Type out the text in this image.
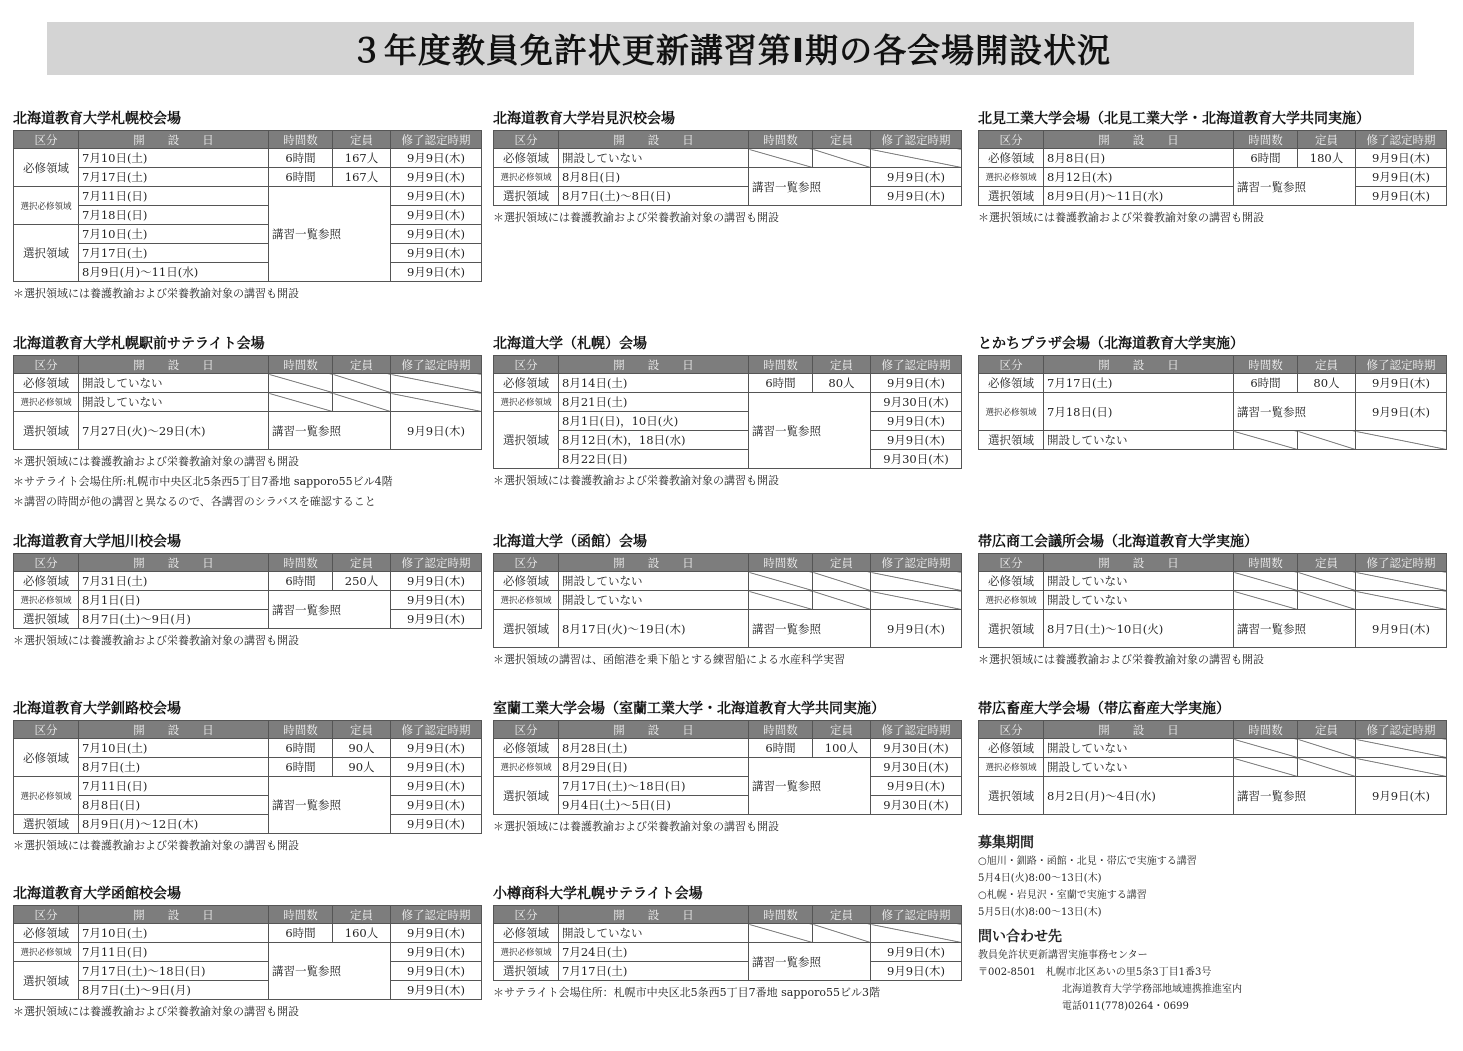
３年度教員免許状更新講習第Ⅰ期の各会場開設状況
北海道教育大学札幌校会場
区分	開　　設　　日	時間数	定員	修了認定時期
必修領域	7月10日(土)	6時間	167人	9月9日(木)
	7月17日(土)	6時間	167人	9月9日(木)
選択必修領域	7月11日(日)	講習一覧参照		9月9日(木)
	7月18日(日)			9月9日(木)
選択領域	7月10日(土)			9月9日(木)
	7月17日(土)			9月9日(木)
	8月9日(月)～11日(水)			9月9日(木)
＊選択領域には養護教諭および栄養教諭対象の講習も開設
北海道教育大学岩見沢校会場
区分	開　　設　　日	時間数	定員	修了認定時期
必修領域	開設していない			
選択必修領域	8月8日(日)	講習一覧参照		9月9日(木)
選択領域	8月7日(土)～8日(日)			9月9日(木)
＊選択領域には養護教諭および栄養教諭対象の講習も開設
北見工業大学会場（北見工業大学・北海道教育大学共同実施）
区分	開　　設　　日	時間数	定員	修了認定時期
必修領域	8月8日(日)	6時間	180人	9月9日(木)
選択必修領域	8月12日(木)	講習一覧参照		9月9日(木)
選択領域	8月9日(月)～11日(水)			9月9日(木)
＊選択領域には養護教諭および栄養教諭対象の講習も開設
北海道教育大学札幌駅前サテライト会場
区分	開　　設　　日	時間数	定員	修了認定時期
必修領域	開設していない			
選択必修領域	開設していない			
選択領域	7月27日(火)～29日(木)	講習一覧参照		9月9日(木)
＊選択領域には養護教諭および栄養教諭対象の講習も開設
＊サテライト会場住所:札幌市中央区北5条西5丁目7番地 sapporo55ビル4階
＊講習の時間が他の講習と異なるので、各講習のシラバスを確認すること
北海道大学（札幌）会場
区分	開　　設　　日	時間数	定員	修了認定時期
必修領域	8月14日(土)	6時間	80人	9月9日(木)
選択必修領域	8月21日(土)	講習一覧参照		9月30日(木)
選択領域	8月1日(日)，10日(火)			9月9日(木)
	8月12日(木)，18日(水)			9月9日(木)
	8月22日(日)			9月30日(木)
＊選択領域には養護教諭および栄養教諭対象の講習も開設
とかちプラザ会場（北海道教育大学実施）
区分	開　　設　　日	時間数	定員	修了認定時期
必修領域	7月17日(土)	6時間	80人	9月9日(木)
選択必修領域	7月18日(日)	講習一覧参照		9月9日(木)
選択領域	開設していない			
北海道教育大学旭川校会場
区分	開　　設　　日	時間数	定員	修了認定時期
必修領域	7月31日(土)	6時間	250人	9月9日(木)
選択必修領域	8月1日(日)	講習一覧参照		9月9日(木)
選択領域	8月7日(土)～9日(月)			9月9日(木)
＊選択領域には養護教諭および栄養教諭対象の講習も開設
北海道大学（函館）会場
区分	開　　設　　日	時間数	定員	修了認定時期
必修領域	開設していない			
選択必修領域	開設していない			
選択領域	8月17日(火)～19日(木)	講習一覧参照		9月9日(木)
＊選択領域の講習は、函館港を乗下船とする練習船による水産科学実習
帯広商工会議所会場（北海道教育大学実施）
区分	開　　設　　日	時間数	定員	修了認定時期
必修領域	開設していない			
選択必修領域	開設していない			
選択領域	8月7日(土)～10日(火)	講習一覧参照		9月9日(木)
＊選択領域には養護教諭および栄養教諭対象の講習も開設
北海道教育大学釧路校会場
区分	開　　設　　日	時間数	定員	修了認定時期
必修領域	7月10日(土)	6時間	90人	9月9日(木)
	8月7日(土)	6時間	90人	9月9日(木)
選択必修領域	7月11日(日)	講習一覧参照		9月9日(木)
	8月8日(日)			9月9日(木)
選択領域	8月9日(月)～12日(木)			9月9日(木)
＊選択領域には養護教諭および栄養教諭対象の講習も開設
室蘭工業大学会場（室蘭工業大学・北海道教育大学共同実施）
区分	開　　設　　日	時間数	定員	修了認定時期
必修領域	8月28日(土)	6時間	100人	9月30日(木)
選択必修領域	8月29日(日)	講習一覧参照		9月30日(木)
選択領域	7月17日(土)～18日(日)			9月9日(木)
	9月4日(土)～5日(日)			9月30日(木)
＊選択領域には養護教諭および栄養教諭対象の講習も開設
帯広畜産大学会場（帯広畜産大学実施）
区分	開　　設　　日	時間数	定員	修了認定時期
必修領域	開設していない			
選択必修領域	開設していない			
選択領域	8月2日(月)～4日(水)	講習一覧参照		9月9日(木)
北海道教育大学函館校会場
区分	開　　設　　日	時間数	定員	修了認定時期
必修領域	7月10日(土)	6時間	160人	9月9日(木)
選択必修領域	7月11日(日)	講習一覧参照		9月9日(木)
選択領域	7月17日(土)～18日(日)			9月9日(木)
	8月7日(土)～9日(月)			9月9日(木)
＊選択領域には養護教諭および栄養教諭対象の講習も開設
小樽商科大学札幌サテライト会場
区分	開　　設　　日	時間数	定員	修了認定時期
必修領域	開設していない			
選択必修領域	7月24日(土)	講習一覧参照		9月9日(木)
選択領域	7月17日(土)			9月9日(木)
＊サテライト会場住所：札幌市中央区北5条西5丁目7番地 sapporo55ビル3階
募集期間
○旭川・釧路・函館・北見・帯広で実施する講習
5月4日(火)8:00～13日(木)
○札幌・岩見沢・室蘭で実施する講習
5月5日(水)8:00～13日(木)
問い合わせ先
教員免許状更新講習実施事務センター
〒002-8501　札幌市北区あいの里5条3丁目1番3号
北海道教育大学学務部地域連携推進室内
電話011(778)0264・0699
